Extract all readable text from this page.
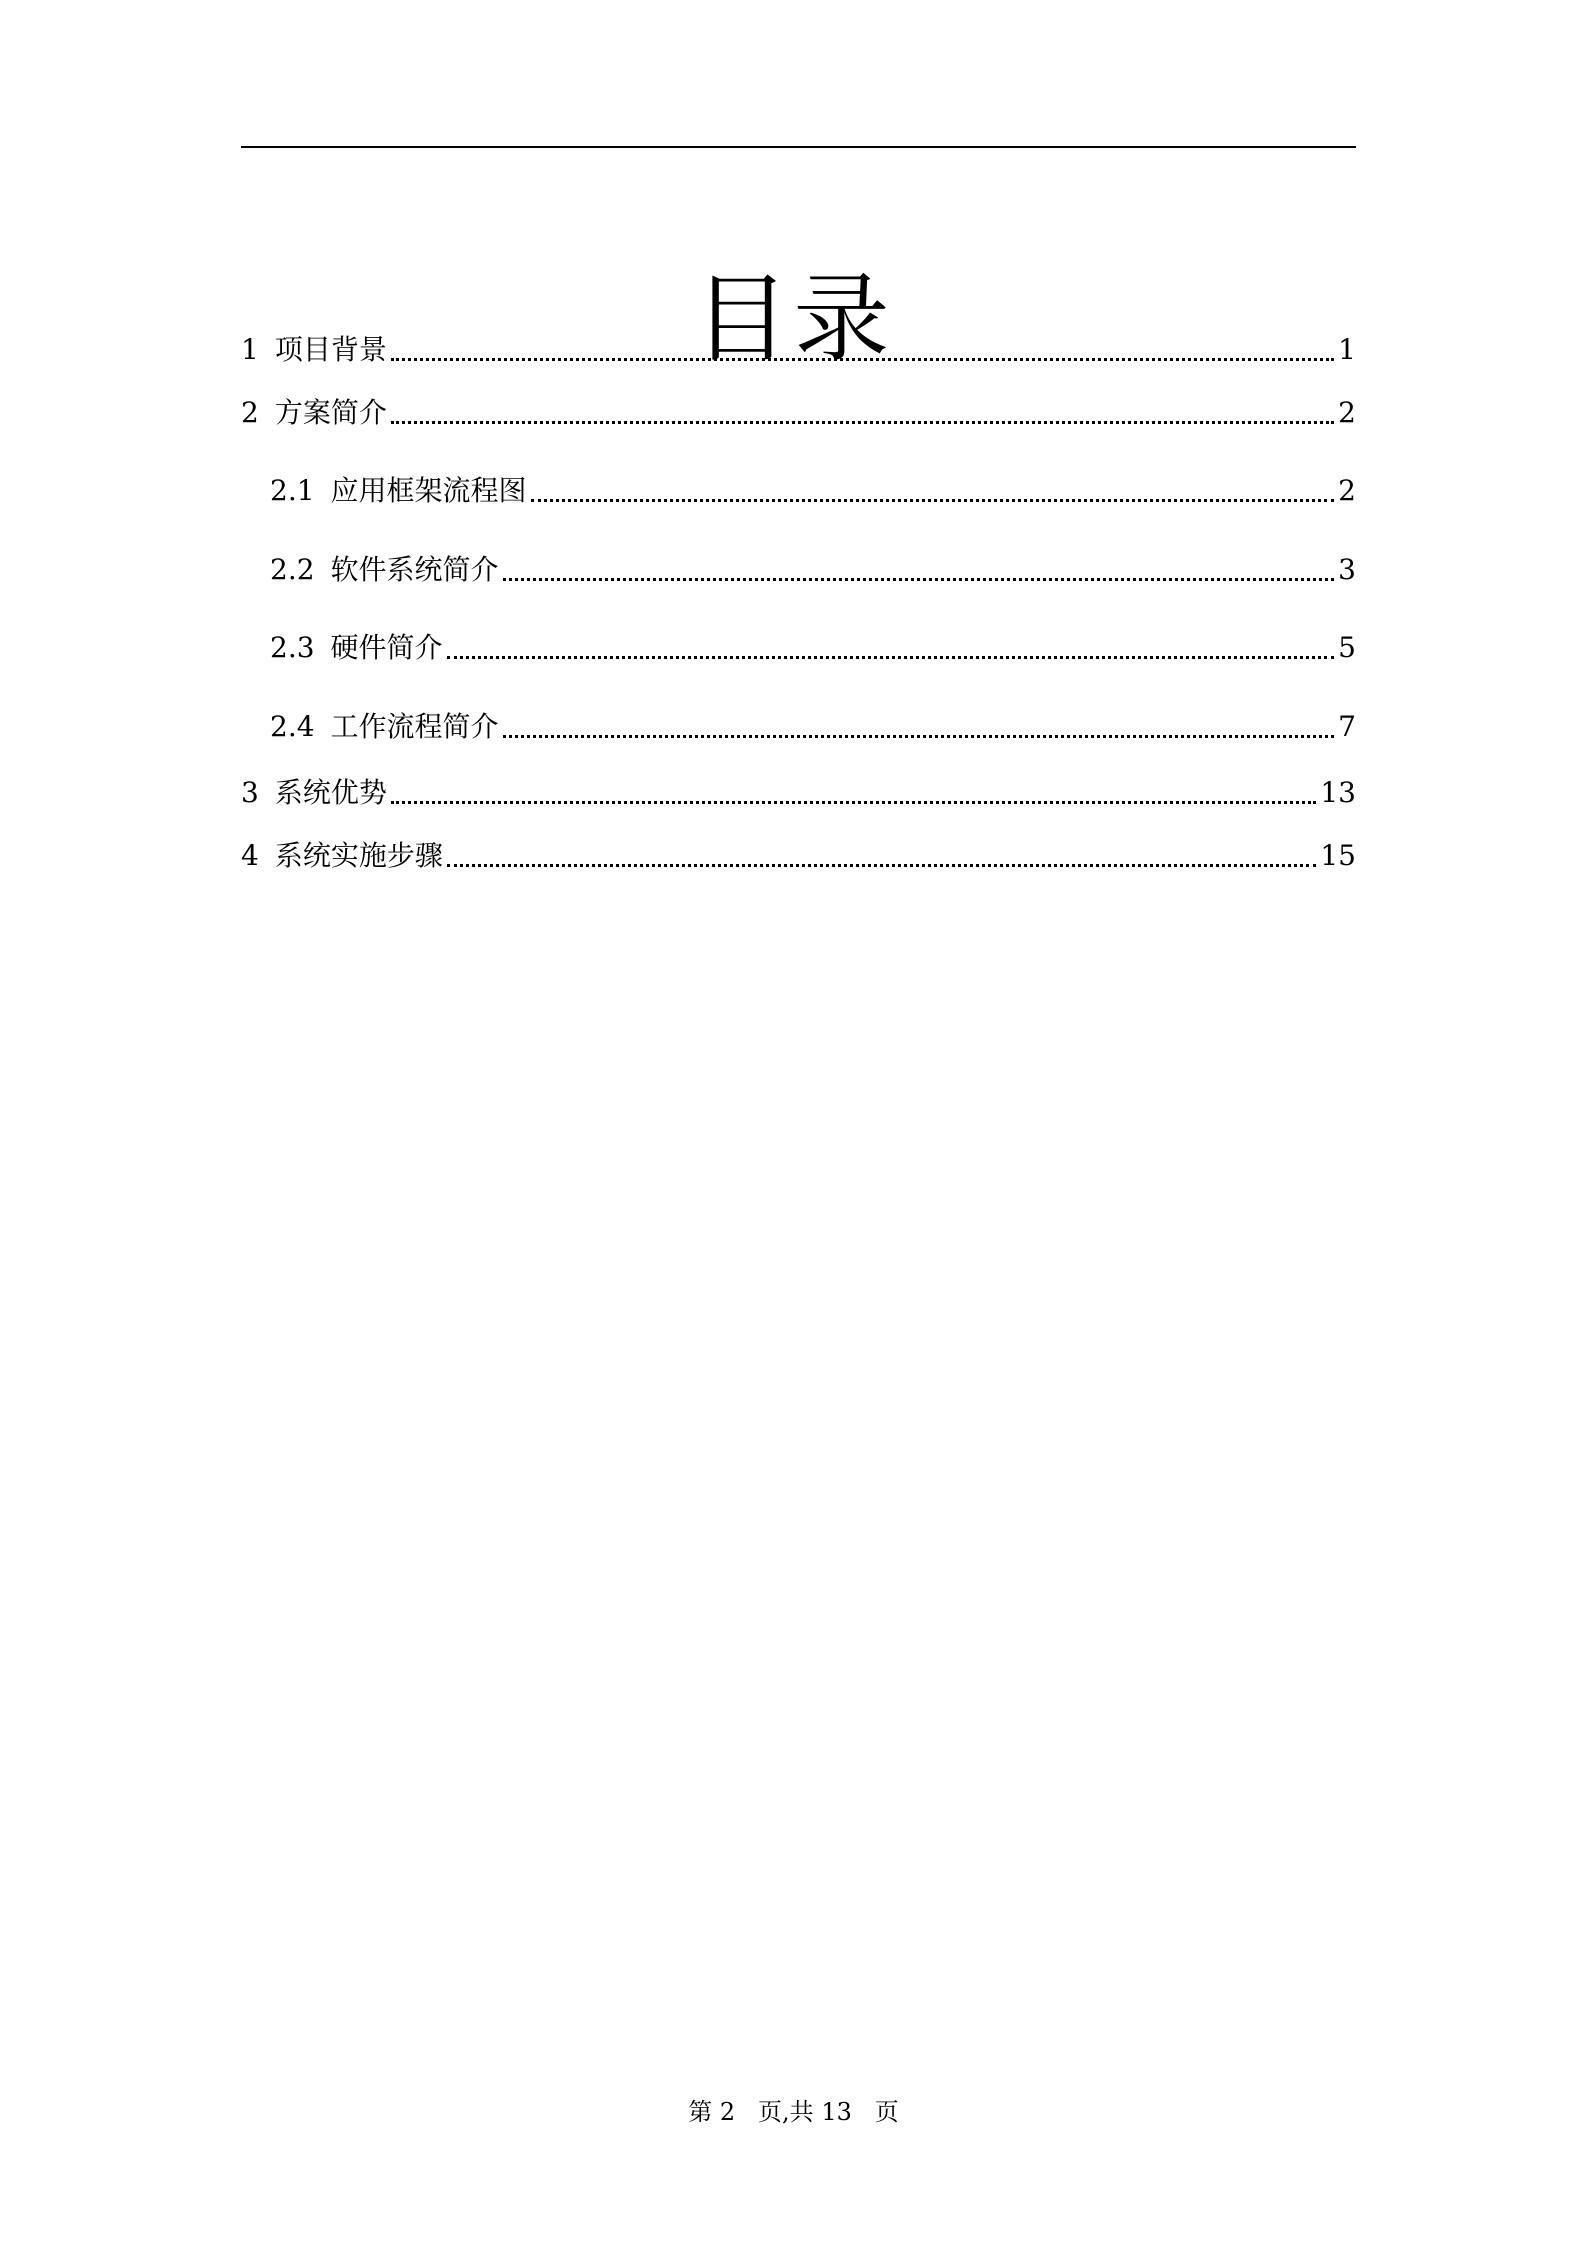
目录
1 项目背景	1
2 方案简介	2
2.1 应用框架流程图	2
2.2 软件系统简介	3
2.3 硬件简介	5
2.4 工作流程简介	7
3 系统优势	13
4 系统实施步骤	15
第 2 页,共 13 页
